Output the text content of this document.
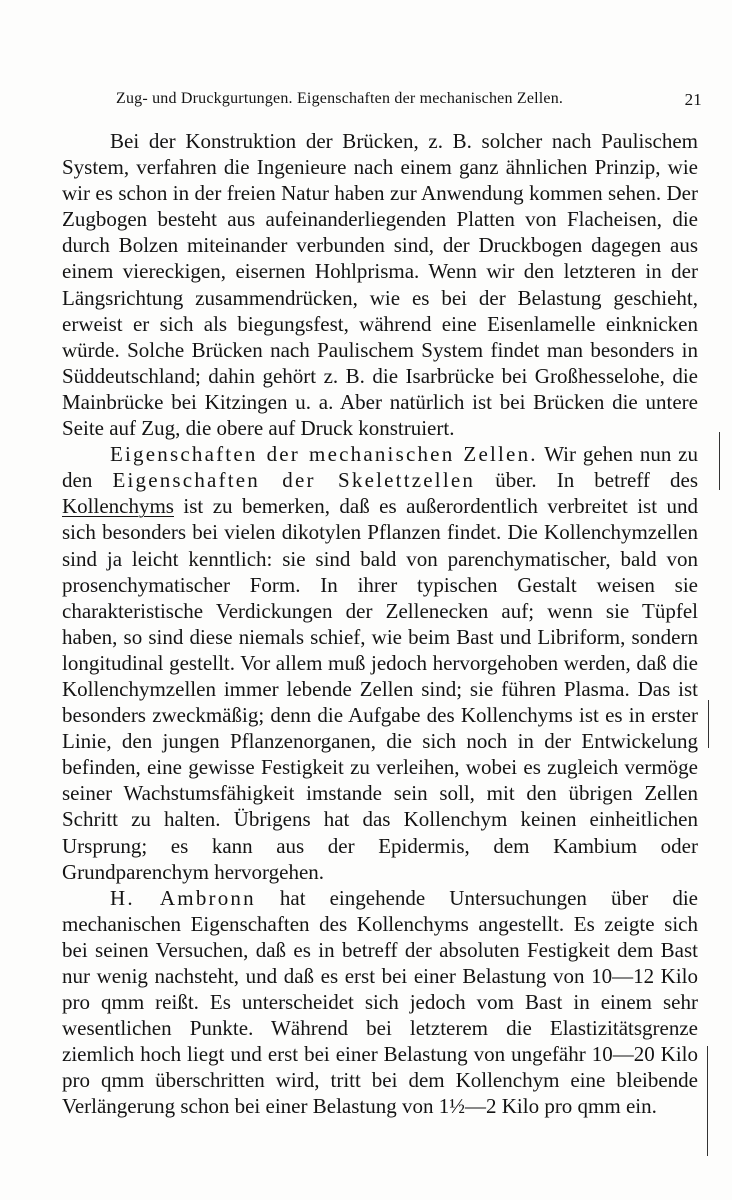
Zug- und Druckgurtungen. Eigenschaften der mechanischen Zellen.	21

Bei der Konstruktion der Brücken, z. B. solcher nach Paulischem System, verfahren die Ingenieure nach einem ganz ähnlichen Prinzip, wie wir es schon in der freien Natur haben zur Anwendung kommen sehen. Der Zugbogen besteht aus aufeinanderliegenden Platten von Flacheisen, die durch Bolzen miteinander verbunden sind, der Druckbogen dagegen aus einem viereckigen, eisernen Hohlprisma. Wenn wir den letzteren in der Längsrichtung zusammendrücken, wie es bei der Belastung geschieht, erweist er sich als biegungsfest, während eine Eisenlamelle einknicken würde. Solche Brücken nach Paulischem System findet man besonders in Süddeutschland; dahin gehört z. B. die Isarbrücke bei Großhesselohe, die Mainbrücke bei Kitzingen u. a. Aber natürlich ist bei Brücken die untere Seite auf Zug, die obere auf Druck konstruiert.

Eigenschaften der mechanischen Zellen. Wir gehen nun zu den Eigenschaften der Skelettzellen über. In betreff des Kollenchyms ist zu bemerken, daß es außerordentlich verbreitet ist und sich besonders bei vielen dikotylen Pflanzen findet. Die Kollenchymzellen sind ja leicht kenntlich: sie sind bald von parenchymatischer, bald von prosenchymatischer Form. In ihrer typischen Gestalt weisen sie charakteristische Verdickungen der Zellenecken auf; wenn sie Tüpfel haben, so sind diese niemals schief, wie beim Bast und Libriform, sondern longitudinal gestellt. Vor allem muß jedoch hervorgehoben werden, daß die Kollenchymzellen immer lebende Zellen sind; sie führen Plasma. Das ist besonders zweckmäßig; denn die Aufgabe des Kollenchyms ist es in erster Linie, den jungen Pflanzenorganen, die sich noch in der Entwickelung befinden, eine gewisse Festigkeit zu verleihen, wobei es zugleich vermöge seiner Wachstumsfähigkeit imstande sein soll, mit den übrigen Zellen Schritt zu halten. Übrigens hat das Kollenchym keinen einheitlichen Ursprung; es kann aus der Epidermis, dem Kambium oder Grundparenchym hervorgehen.

H. Ambronn hat eingehende Untersuchungen über die mechanischen Eigenschaften des Kollenchyms angestellt. Es zeigte sich bei seinen Versuchen, daß es in betreff der absoluten Festigkeit dem Bast nur wenig nachsteht, und daß es erst bei einer Belastung von 10—12 Kilo pro qmm reißt. Es unterscheidet sich jedoch vom Bast in einem sehr wesentlichen Punkte. Während bei letzterem die Elastizitätsgrenze ziemlich hoch liegt und erst bei einer Belastung von ungefähr 10—20 Kilo pro qmm überschritten wird, tritt bei dem Kollenchym eine bleibende Verlängerung schon bei einer Belastung von 1½—2 Kilo pro qmm ein.
